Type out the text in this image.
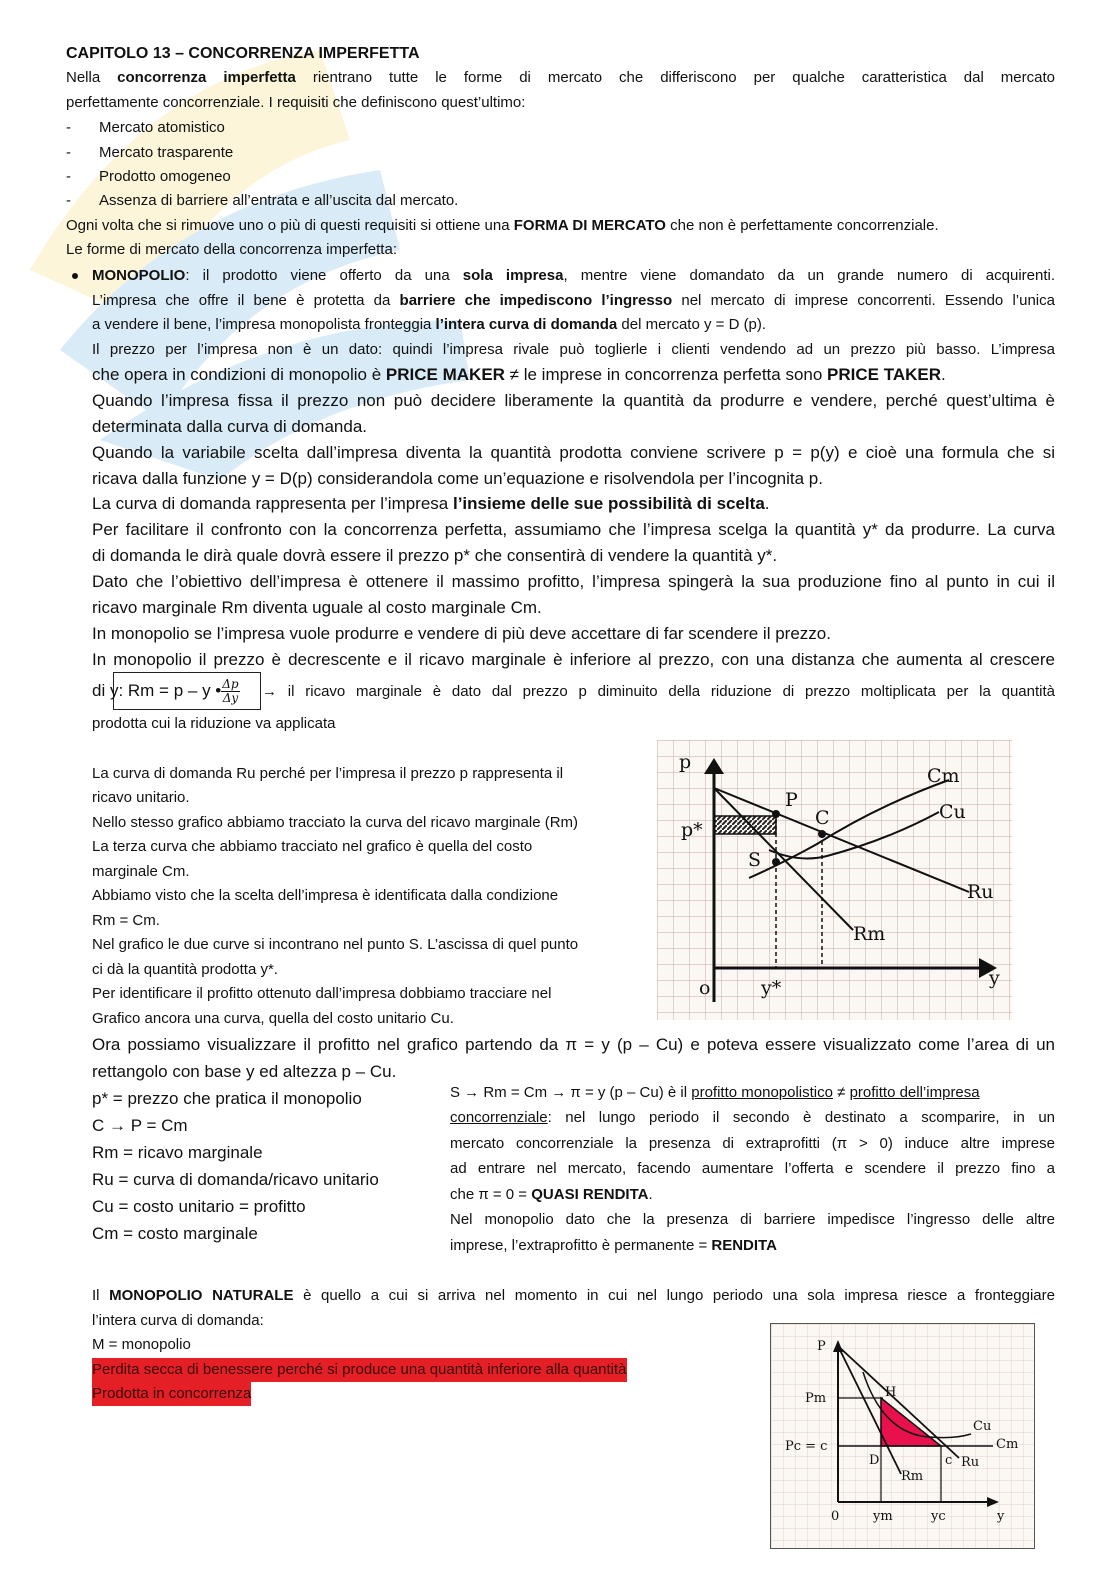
CAPITOLO 13 – CONCORRENZA IMPERFETTA
Nella concorrenza imperfetta rientrano tutte le forme di mercato che differiscono per qualche caratteristica dal mercato
perfettamente concorrenziale. I requisiti che definiscono quest’ultimo:
- Mercato atomistico
- Mercato trasparente
- Prodotto omogeneo
- Assenza di barriere all’entrata e all’uscita dal mercato.
Ogni volta che si rimuove uno o più di questi requisiti si ottiene una FORMA DI MERCATO che non è perfettamente concorrenziale.
Le forme di mercato della concorrenza imperfetta:
MONOPOLIO: il prodotto viene offerto da una sola impresa, mentre viene domandato da un grande numero di acquirenti.
L’impresa che offre il bene è protetta da barriere che impediscono l’ingresso nel mercato di imprese concorrenti. Essendo l’unica
a vendere il bene, l’impresa monopolista fronteggia l’intera curva di domanda del mercato y = D (p).
Il prezzo per l’impresa non è un dato: quindi l’impresa rivale può toglierle i clienti vendendo ad un prezzo più basso. L’impresa
che opera in condizioni di monopolio è PRICE MAKER ≠ le imprese in concorrenza perfetta sono PRICE TAKER.
Quando l’impresa fissa il prezzo non può decidere liberamente la quantità da produrre e vendere, perché quest’ultima è
determinata dalla curva di domanda.
Quando la variabile scelta dall’impresa diventa la quantità prodotta conviene scrivere p = p(y) e cioè una formula che si
ricava dalla funzione y = D(p) considerandola come un’equazione e risolvendola per l’incognita p.
La curva di domanda rappresenta per l’impresa l’insieme delle sue possibilità di scelta.
Per facilitare il confronto con la concorrenza perfetta, assumiamo che l’impresa scelga la quantità y* da produrre. La curva
di domanda le dirà quale dovrà essere il prezzo p* che consentirà di vendere la quantità y*.
Dato che l’obiettivo dell’impresa è ottenere il massimo profitto, l’impresa spingerà la sua produzione fino al punto in cui il
ricavo marginale Rm diventa uguale al costo marginale Cm.
In monopolio se l’impresa vuole produrre e vendere di più deve accettare di far scendere il prezzo.
In monopolio il prezzo è decrescente e il ricavo marginale è inferiore al prezzo, con una distanza che aumenta al crescere
di y: Rm = p – y • $\frac{\Delta p}{\Delta y}$ → il ricavo marginale è dato dal prezzo p diminuito della riduzione di prezzo moltiplicata per la quantità
prodotta cui la riduzione va applicata
La curva di domanda Ru perché per l’impresa il prezzo p rappresenta il
ricavo unitario.
Nello stesso grafico abbiamo tracciato la curva del ricavo marginale (Rm)
La terza curva che abbiamo tracciato nel grafico è quella del costo
marginale Cm.
Abbiamo visto che la scelta dell’impresa è identificata dalla condizione
Rm = Cm.
Nel grafico le due curve si incontrano nel punto S. L’ascissa di quel punto
ci dà la quantità prodotta y*.
Per identificare il profitto ottenuto dall’impresa dobbiamo tracciare nel
Grafico ancora una curva, quella del costo unitario Cu.
p
y
o
p*
y*
P
C
S
Cm
Cu
Ru
Rm
Ora possiamo visualizzare il profitto nel grafico partendo da π = y (p – Cu) e poteva essere visualizzato come l’area di un
rettangolo con base y ed altezza p – Cu.
p* = prezzo che pratica il monopolio
C → P = Cm
Rm = ricavo marginale
Ru = curva di domanda/ricavo unitario
Cu = costo unitario = profitto
Cm = costo marginale
S → Rm = Cm → π = y (p – Cu) è il profitto monopolistico ≠ profitto dell’impresa
concorrenziale: nel lungo periodo il secondo è destinato a scomparire, in un
mercato concorrenziale la presenza di extraprofitti (π > 0) induce altre imprese
ad entrare nel mercato, facendo aumentare l’offerta e scendere il prezzo fino a
che π = 0 = QUASI RENDITA.
Nel monopolio dato che la presenza di barriere impedisce l’ingresso delle altre
imprese, l’extraprofitto è permanente = RENDITA
Il MONOPOLIO NATURALE è quello a cui si arriva nel momento in cui nel lungo periodo una sola impresa riesce a fronteggiare
l’intera curva di domanda:
M = monopolio
Perdita secca di benessere perché si produce una quantità inferiore alla quantità
Prodotta in concorrenza
P
y
0
Pm
Pc = c
H
D	c
Cu
Cm
Rm
Ru
ym	yc
